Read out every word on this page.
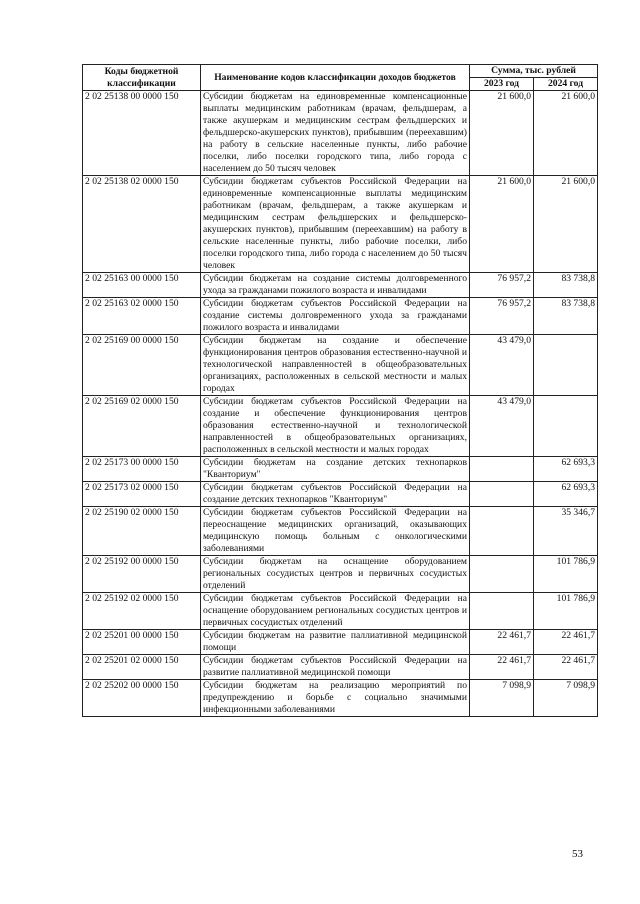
Коды бюджетной классификации	Наименование кодов классификации доходов бюджетов	Сумма, тыс. рублей	
		2023 год	2024 год
2 02 25138 00 0000 150	Субсидии бюджетам на единовременные компенсационные выплаты медицинским работникам (врачам, фельдшерам, а также акушеркам и медицинским сестрам фельдшерских и фельдшерско-акушерских пунктов), прибывшим (переехавшим) на работу в сельские населенные пункты, либо рабочие поселки, либо поселки городского типа, либо города с населением до 50 тысяч человек	21 600,0	21 600,0
2 02 25138 02 0000 150	Субсидии бюджетам субъектов Российской Федерации на единовременные компенсационные выплаты медицинским работникам (врачам, фельдшерам, а также акушеркам и медицинским сестрам фельдшерских и фельдшерско-акушерских пунктов), прибывшим (переехавшим) на работу в сельские населенные пункты, либо рабочие поселки, либо поселки городского типа, либо города с населением до 50 тысяч человек	21 600,0	21 600,0
2 02 25163 00 0000 150	Субсидии бюджетам на создание системы долговременного ухода за гражданами пожилого возраста и инвалидами	76 957,2	83 738,8
2 02 25163 02 0000 150	Субсидии бюджетам субъектов Российской Федерации на создание системы долговременного ухода за гражданами пожилого возраста и инвалидами	76 957,2	83 738,8
2 02 25169 00 0000 150	Субсидии бюджетам на создание и обеспечение функционирования центров образования естественно-научной и технологической направленностей в общеобразовательных организациях, расположенных в сельской местности и малых городах	43 479,0	
2 02 25169 02 0000 150	Субсидии бюджетам субъектов Российской Федерации на создание и обеспечение функционирования центров образования естественно-научной и технологической направленностей в общеобразовательных организациях, расположенных в сельской местности и малых городах	43 479,0	
2 02 25173 00 0000 150	Субсидии бюджетам на создание детских технопарков "Кванториум"		62 693,3
2 02 25173 02 0000 150	Субсидии бюджетам субъектов Российской Федерации на создание детских технопарков "Кванториум"		62 693,3
2 02 25190 02 0000 150	Субсидии бюджетам субъектов Российской Федерации на переоснащение медицинских организаций, оказывающих медицинскую помощь больным с онкологическими заболеваниями		35 346,7
2 02 25192 00 0000 150	Субсидии бюджетам на оснащение оборудованием региональных сосудистых центров и первичных сосудистых отделений		101 786,9
2 02 25192 02 0000 150	Субсидии бюджетам субъектов Российской Федерации на оснащение оборудованием региональных сосудистых центров и первичных сосудистых отделений		101 786,9
2 02 25201 00 0000 150	Субсидии бюджетам на развитие паллиативной медицинской помощи	22 461,7	22 461,7
2 02 25201 02 0000 150	Субсидии бюджетам субъектов Российской Федерации на развитие паллиативной медицинской помощи	22 461,7	22 461,7
2 02 25202 00 0000 150	Субсидии бюджетам на реализацию мероприятий по предупреждению и борьбе с социально значимыми инфекционными заболеваниями	7 098,9	7 098,9
53
